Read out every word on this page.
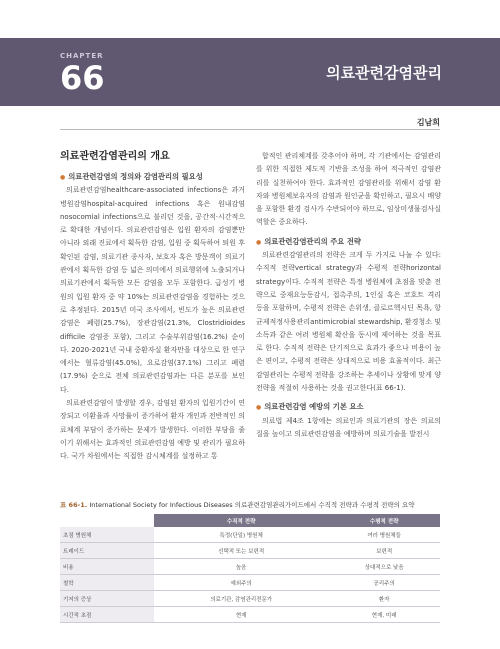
CHAPTER
66	의료관련감염관리
김남희
의료관련감염관리의 개요
● 의료관련감염의 정의와 감염관리의 필요성
의료관련감염healthcare-associated infections은 과거 병원감염hospital-acquired infections 혹은 원내감염nosocomial infections으로 불리던 것을, 공간적·시간적으로 확대한 개념이다. 의료관련감염은 입원 환자의 감염뿐만 아니라 외래 진료에서 획득한 감염, 입원 중 획득하여 퇴원 후 확인된 감염, 의료기관 종사자, 보호자 혹은 방문객이 의료기관에서 획득한 감염 등 넓은 의미에서 의료행위에 노출되거나 의료기관에서 획득한 모든 감염을 모두 포함한다. 급성기 병원의 입원 환자 중 약 10%는 의료관련감염을 경험하는 것으로 추정된다. 2015년 미국 조사에서, 빈도가 높은 의료관련감염은 폐렴(25.7%), 장관감염(21.3%, Clostridioides difficile 감염증 포함), 그리고 수술부위감염(16.2%) 순이다. 2020-2021년 국내 중환자실 환자만을 대상으로 한 연구에서는 혈류감염(45.0%), 요로감염(37.1%) 그리고 폐렴(17.9%) 순으로 전체 의료관련감염과는 다른 분포를 보인다.
의료관련감염이 발생할 경우, 감염된 환자의 입원기간이 연장되고 이환율과 사망률이 증가하여 환자 개인과 전반적인 의료체계 부담이 증가하는 문제가 발생한다. 이러한 부담을 줄이기 위해서는 효과적인 의료관련감염 예방 및 관리가 필요하다. 국가 차원에서는 직접한 감시체계를 설정하고 통
합적인 관리체계를 갖추어야 하며, 각 기관에서는 감염관리를 위한 직접한 제도적 기반을 조성을 하여 적극적인 감염관리를 실천하여야 한다. 효과적인 감염관리를 위해서 감염 환자와 병원체보유자의 감염과 원인균을 확인하고, 필요시 배양을 포함한 환경 검사가 수반되어야 하므로, 임상미생물검사실 역할은 중요하다.
● 의료관련감염관리의 주요 전략
의료관련감염관리의 전략은 크게 두 가지로 나눌 수 있다: 수직적 전략vertical strategy과 수평적 전략horizontal strategy이다. 수직적 전략은 특정 병원체에 초점을 맞춘 전략으로 중재요능동감시, 접촉주의, 1인실 혹은 코호트 격리 등을 포함하며, 수평적 전략은 손위생, 클로르헥시딘 목욕, 항균제적정사용관리antimicrobial stewardship, 환경청소 및 소독과 같은 여러 병원체 확산을 동시에 제어하는 것을 목표로 한다. 수직적 전략은 단기적으로 효과가 좋으나 비용이 높은 편이고, 수평적 전략은 상대적으로 비용 효율적이다. 최근 감염관리는 수평적 전략을 강조하는 추세이나 상황에 맞게 양 전략을 적절히 사용하는 것을 권고한다(표 66-1).
● 의료관련감염 예방의 기본 요소
의료법 제4조 1항에는 의료인과 의료기관의 장은 의료의 질을 높이고 의료관련감염을 예방하며 의료기술을 발전시
표 66-1. International Society for Infectious Diseases 의료관련감염관리가이드에서 수직적 전략과 수평적 전략의 요약
	수직적 전략	수평적 전략
초점 병원체	특정(단일) 병원체	여러 병원체들
트레이드	선택적 또는 보편적	보편적
비용	높음	상대적으로 낮음
철학	예외주의	공리주의
기저의 증상	의료기관, 감염관리전문가	환자
시간적 초점	현재	현재, 미래
